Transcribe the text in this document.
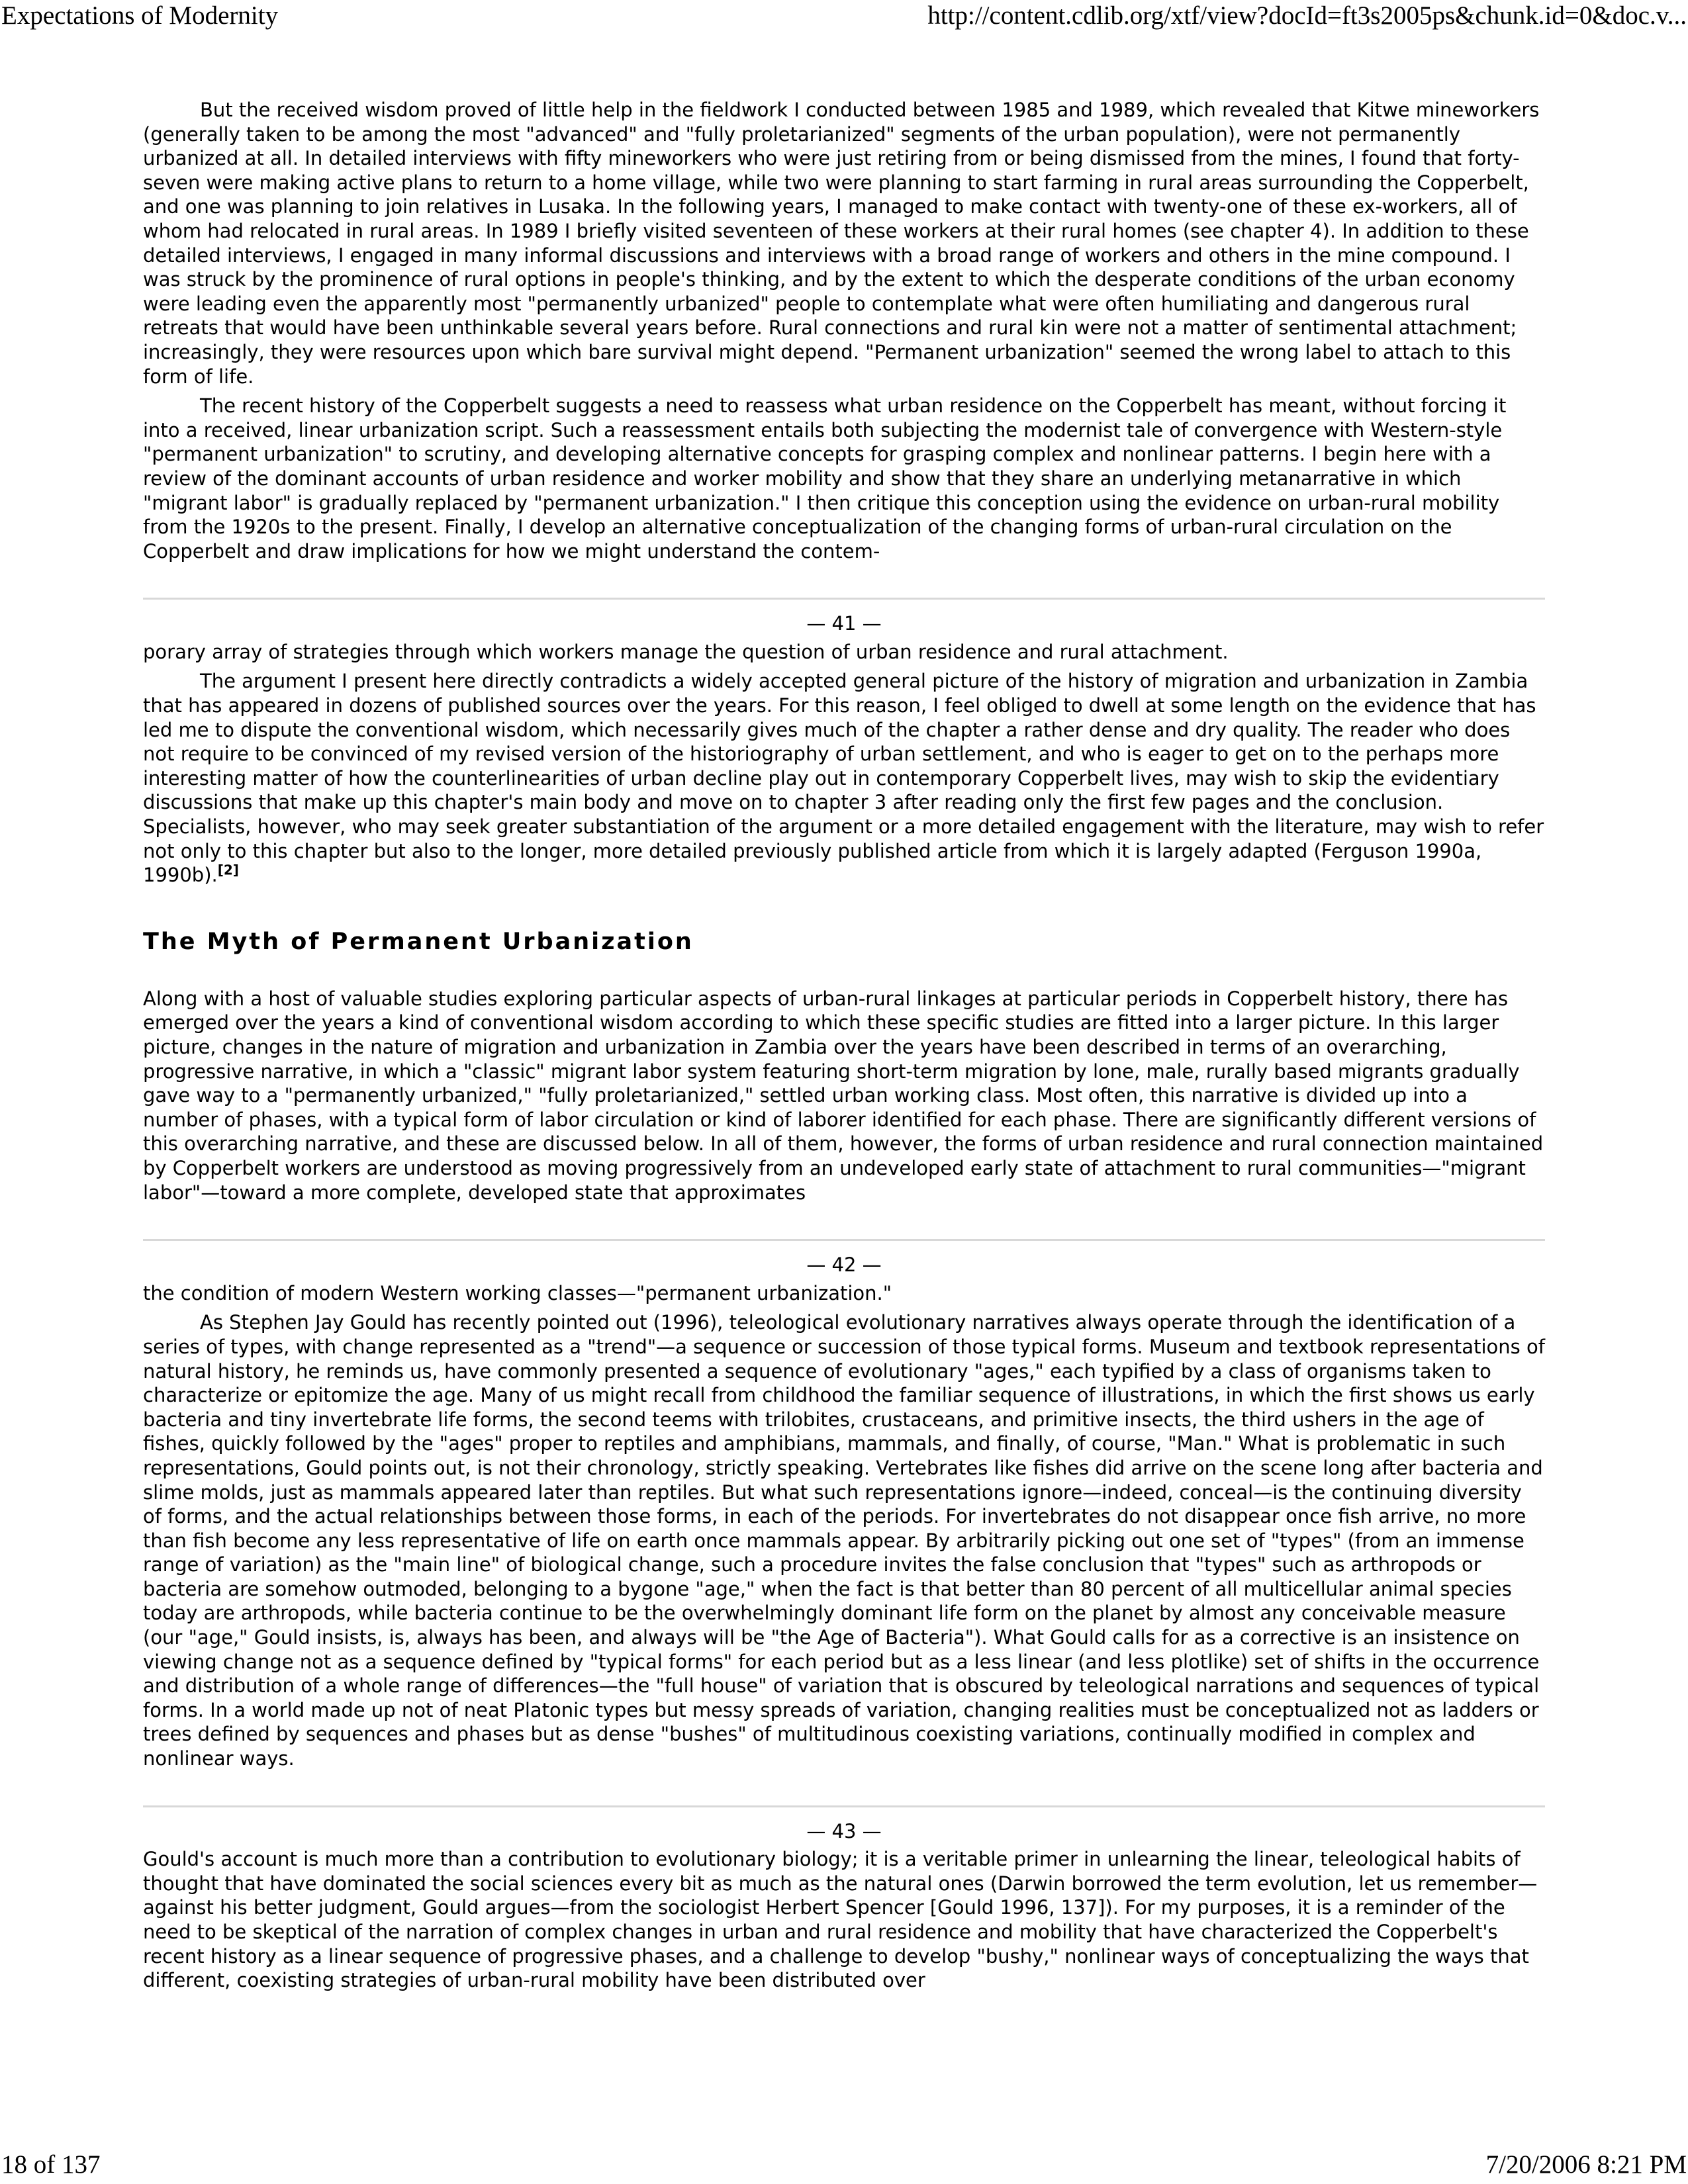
Expectations of Modernity	http://content.cdlib.org/xtf/view?docId=ft3s2005ps&chunk.id=0&doc.v...

But the received wisdom proved of little help in the fieldwork I conducted between 1985 and 1989, which revealed that Kitwe mineworkers (generally taken to be among the most "advanced" and "fully proletarianized" segments of the urban population), were not permanently urbanized at all. In detailed interviews with fifty mineworkers who were just retiring from or being dismissed from the mines, I found that forty-seven were making active plans to return to a home village, while two were planning to start farming in rural areas surrounding the Copperbelt, and one was planning to join relatives in Lusaka. In the following years, I managed to make contact with twenty-one of these ex-workers, all of whom had relocated in rural areas. In 1989 I briefly visited seventeen of these workers at their rural homes (see chapter 4). In addition to these detailed interviews, I engaged in many informal discussions and interviews with a broad range of workers and others in the mine compound. I was struck by the prominence of rural options in people's thinking, and by the extent to which the desperate conditions of the urban economy were leading even the apparently most "permanently urbanized" people to contemplate what were often humiliating and dangerous rural retreats that would have been unthinkable several years before. Rural connections and rural kin were not a matter of sentimental attachment; increasingly, they were resources upon which bare survival might depend. "Permanent urbanization" seemed the wrong label to attach to this form of life.

The recent history of the Copperbelt suggests a need to reassess what urban residence on the Copperbelt has meant, without forcing it into a received, linear urbanization script. Such a reassessment entails both subjecting the modernist tale of convergence with Western-style "permanent urbanization" to scrutiny, and developing alternative concepts for grasping complex and nonlinear patterns. I begin here with a review of the dominant accounts of urban residence and worker mobility and show that they share an underlying metanarrative in which "migrant labor" is gradually replaced by "permanent urbanization." I then critique this conception using the evidence on urban-rural mobility from the 1920s to the present. Finally, I develop an alternative conceptualization of the changing forms of urban-rural circulation on the Copperbelt and draw implications for how we might understand the contem-

— 41 —

porary array of strategies through which workers manage the question of urban residence and rural attachment.

The argument I present here directly contradicts a widely accepted general picture of the history of migration and urbanization in Zambia that has appeared in dozens of published sources over the years. For this reason, I feel obliged to dwell at some length on the evidence that has led me to dispute the conventional wisdom, which necessarily gives much of the chapter a rather dense and dry quality. The reader who does not require to be convinced of my revised version of the historiography of urban settlement, and who is eager to get on to the perhaps more interesting matter of how the counterlinearities of urban decline play out in contemporary Copperbelt lives, may wish to skip the evidentiary discussions that make up this chapter's main body and move on to chapter 3 after reading only the first few pages and the conclusion. Specialists, however, who may seek greater substantiation of the argument or a more detailed engagement with the literature, may wish to refer not only to this chapter but also to the longer, more detailed previously published article from which it is largely adapted (Ferguson 1990a, 1990b).[2]

The Myth of Permanent Urbanization

Along with a host of valuable studies exploring particular aspects of urban-rural linkages at particular periods in Copperbelt history, there has emerged over the years a kind of conventional wisdom according to which these specific studies are fitted into a larger picture. In this larger picture, changes in the nature of migration and urbanization in Zambia over the years have been described in terms of an overarching, progressive narrative, in which a "classic" migrant labor system featuring short-term migration by lone, male, rurally based migrants gradually gave way to a "permanently urbanized," "fully proletarianized," settled urban working class. Most often, this narrative is divided up into a number of phases, with a typical form of labor circulation or kind of laborer identified for each phase. There are significantly different versions of this overarching narrative, and these are discussed below. In all of them, however, the forms of urban residence and rural connection maintained by Copperbelt workers are understood as moving progressively from an undeveloped early state of attachment to rural communities—"migrant labor"—toward a more complete, developed state that approximates

— 42 —

the condition of modern Western working classes—"permanent urbanization."

As Stephen Jay Gould has recently pointed out (1996), teleological evolutionary narratives always operate through the identification of a series of types, with change represented as a "trend"—a sequence or succession of those typical forms. Museum and textbook representations of natural history, he reminds us, have commonly presented a sequence of evolutionary "ages," each typified by a class of organisms taken to characterize or epitomize the age. Many of us might recall from childhood the familiar sequence of illustrations, in which the first shows us early bacteria and tiny invertebrate life forms, the second teems with trilobites, crustaceans, and primitive insects, the third ushers in the age of fishes, quickly followed by the "ages" proper to reptiles and amphibians, mammals, and finally, of course, "Man." What is problematic in such representations, Gould points out, is not their chronology, strictly speaking. Vertebrates like fishes did arrive on the scene long after bacteria and slime molds, just as mammals appeared later than reptiles. But what such representations ignore—indeed, conceal—is the continuing diversity of forms, and the actual relationships between those forms, in each of the periods. For invertebrates do not disappear once fish arrive, no more than fish become any less representative of life on earth once mammals appear. By arbitrarily picking out one set of "types" (from an immense range of variation) as the "main line" of biological change, such a procedure invites the false conclusion that "types" such as arthropods or bacteria are somehow outmoded, belonging to a bygone "age," when the fact is that better than 80 percent of all multicellular animal species today are arthropods, while bacteria continue to be the overwhelmingly dominant life form on the planet by almost any conceivable measure (our "age," Gould insists, is, always has been, and always will be "the Age of Bacteria"). What Gould calls for as a corrective is an insistence on viewing change not as a sequence defined by "typical forms" for each period but as a less linear (and less plotlike) set of shifts in the occurrence and distribution of a whole range of differences—the "full house" of variation that is obscured by teleological narrations and sequences of typical forms. In a world made up not of neat Platonic types but messy spreads of variation, changing realities must be conceptualized not as ladders or trees defined by sequences and phases but as dense "bushes" of multitudinous coexisting variations, continually modified in complex and nonlinear ways.

— 43 —

Gould's account is much more than a contribution to evolutionary biology; it is a veritable primer in unlearning the linear, teleological habits of thought that have dominated the social sciences every bit as much as the natural ones (Darwin borrowed the term evolution, let us remember—against his better judgment, Gould argues—from the sociologist Herbert Spencer [Gould 1996, 137]). For my purposes, it is a reminder of the need to be skeptical of the narration of complex changes in urban and rural residence and mobility that have characterized the Copperbelt's recent history as a linear sequence of progressive phases, and a challenge to develop "bushy," nonlinear ways of conceptualizing the ways that different, coexisting strategies of urban-rural mobility have been distributed over

18 of 137	7/20/2006 8:21 PM
